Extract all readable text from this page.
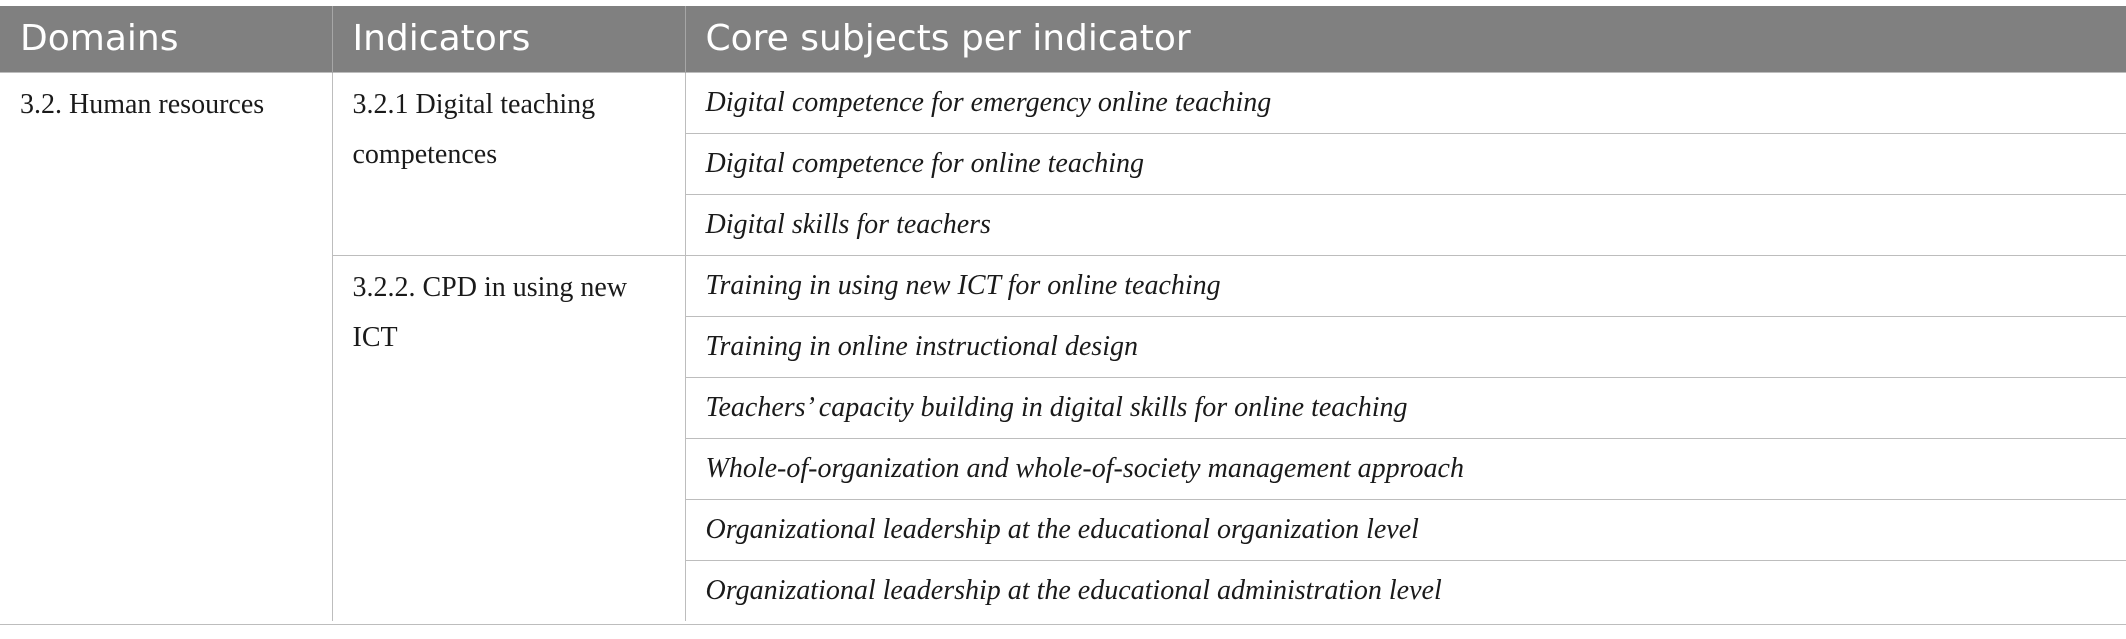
Domains	Indicators	Core subjects per indicator
3.2. Human resources	3.2.1 Digital teaching competences	Digital competence for emergency online teaching
		Digital competence for online teaching
		Digital skills for teachers
	3.2.2. CPD in using new ICT	Training in using new ICT for online teaching
		Training in online instructional design
		Teachers’ capacity building in digital skills for online teaching
		Whole-of-organization and whole-of-society management approach
		Organizational leadership at the educational organization level
		Organizational leadership at the educational administration level
